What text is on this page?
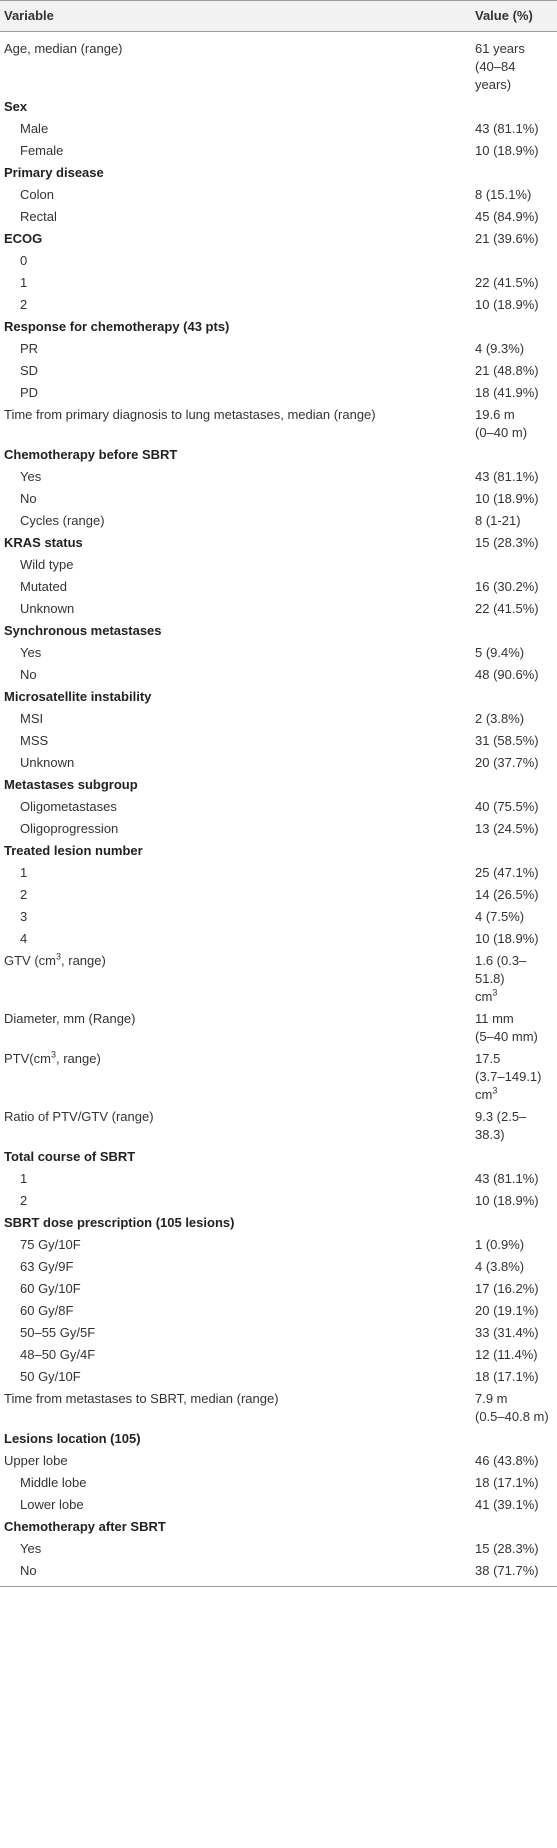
Variable	Value (%)
Age, median (range)	61 years
(40–84 years)
Sex	
Male	43 (81.1%)
Female	10 (18.9%)
Primary disease	
Colon	8 (15.1%)
Rectal	45 (84.9%)
ECOG	21 (39.6%)
0	
1	22 (41.5%)
2	10 (18.9%)
Response for chemotherapy (43 pts)	
PR	4 (9.3%)
SD	21 (48.8%)
PD	18 (41.9%)
Time from primary diagnosis to lung metastases, median (range)	19.6 m
(0–40 m)
Chemotherapy before SBRT	
Yes	43 (81.1%)
No	10 (18.9%)
Cycles (range)	8 (1-21)
KRAS status	15 (28.3%)
Wild type	
Mutated	16 (30.2%)
Unknown	22 (41.5%)
Synchronous metastases	
Yes	5 (9.4%)
No	48 (90.6%)
Microsatellite instability	
MSI	2 (3.8%)
MSS	31 (58.5%)
Unknown	20 (37.7%)
Metastases subgroup	
Oligometastases	40 (75.5%)
Oligoprogression	13 (24.5%)
Treated lesion number	
1	25 (47.1%)
2	14 (26.5%)
3	4 (7.5%)
4	10 (18.9%)
GTV ($cm^3$, range)	1.6 (0.3–51.8)
$cm^3$
Diameter, mm (Range)	11 mm
(5–40 mm)
$PTV(cm^3$, range)	17.5
(3.7–149.1)
$cm^3$
Ratio of PTV/GTV (range)	9.3 (2.5–38.3)
Total course of SBRT	
1	43 (81.1%)
2	10 (18.9%)
SBRT dose prescription (105 lesions)	
75 Gy/10F	1 (0.9%)
63 Gy/9F	4 (3.8%)
60 Gy/10F	17 (16.2%)
60 Gy/8F	20 (19.1%)
50–55 Gy/5F	33 (31.4%)
48–50 Gy/4F	12 (11.4%)
50 Gy/10F	18 (17.1%)
Time from metastases to SBRT, median (range)	7.9 m
(0.5–40.8 m)
Lesions location (105)	
Upper lobe	46 (43.8%)
Middle lobe	18 (17.1%)
Lower lobe	41 (39.1%)
Chemotherapy after SBRT	
Yes	15 (28.3%)
No	38 (71.7%)
